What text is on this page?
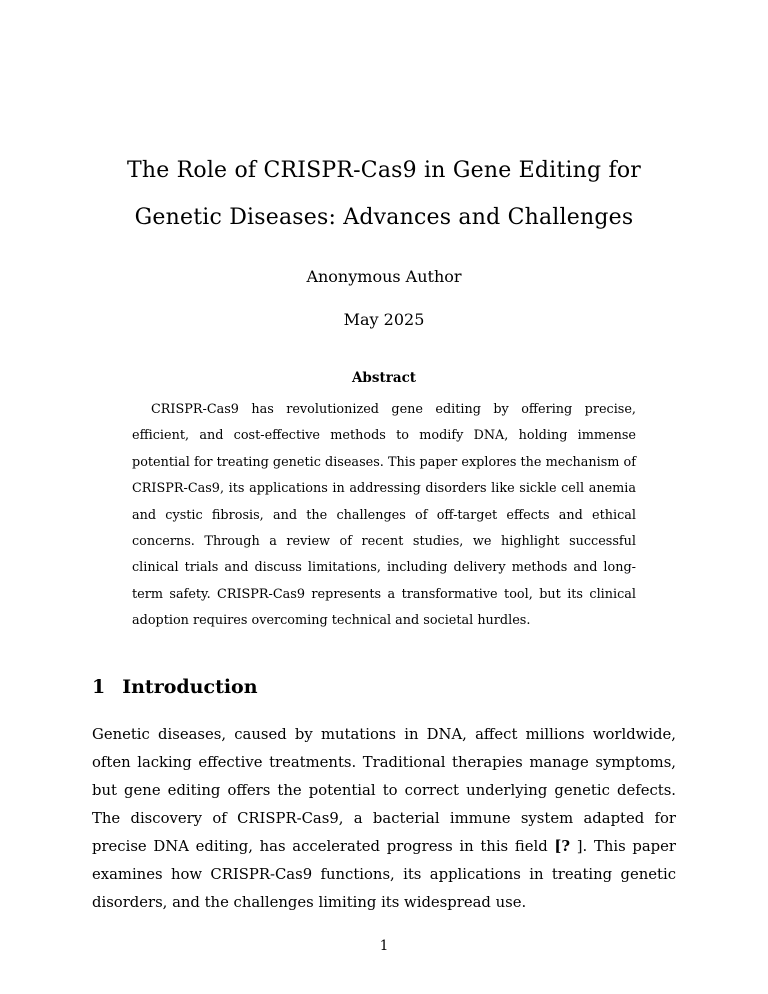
The Role of CRISPR-Cas9 in Gene Editing for Genetic Diseases: Advances and Challenges
Anonymous Author
May 2025
Abstract

CRISPR-Cas9 has revolutionized gene editing by offering precise, efficient, and cost-effective methods to modify DNA, holding immense potential for treating genetic diseases. This paper explores the mechanism of CRISPR-Cas9, its applications in addressing disorders like sickle cell anemia and cystic fibrosis, and the challenges of off-target effects and ethical concerns. Through a review of recent studies, we highlight successful clinical trials and discuss limitations, including delivery methods and long-term safety. CRISPR-Cas9 represents a transformative tool, but its clinical adoption requires overcoming technical and societal hurdles.

1 Introduction

Genetic diseases, caused by mutations in DNA, affect millions worldwide, often lacking effective treatments. Traditional therapies manage symptoms, but gene editing offers the potential to correct underlying genetic defects. The discovery of CRISPR-Cas9, a bacterial immune system adapted for precise DNA editing, has accelerated progress in this field [? ]. This paper examines how CRISPR-Cas9 functions, its applications in treating genetic disorders, and the challenges limiting its widespread use.

1
